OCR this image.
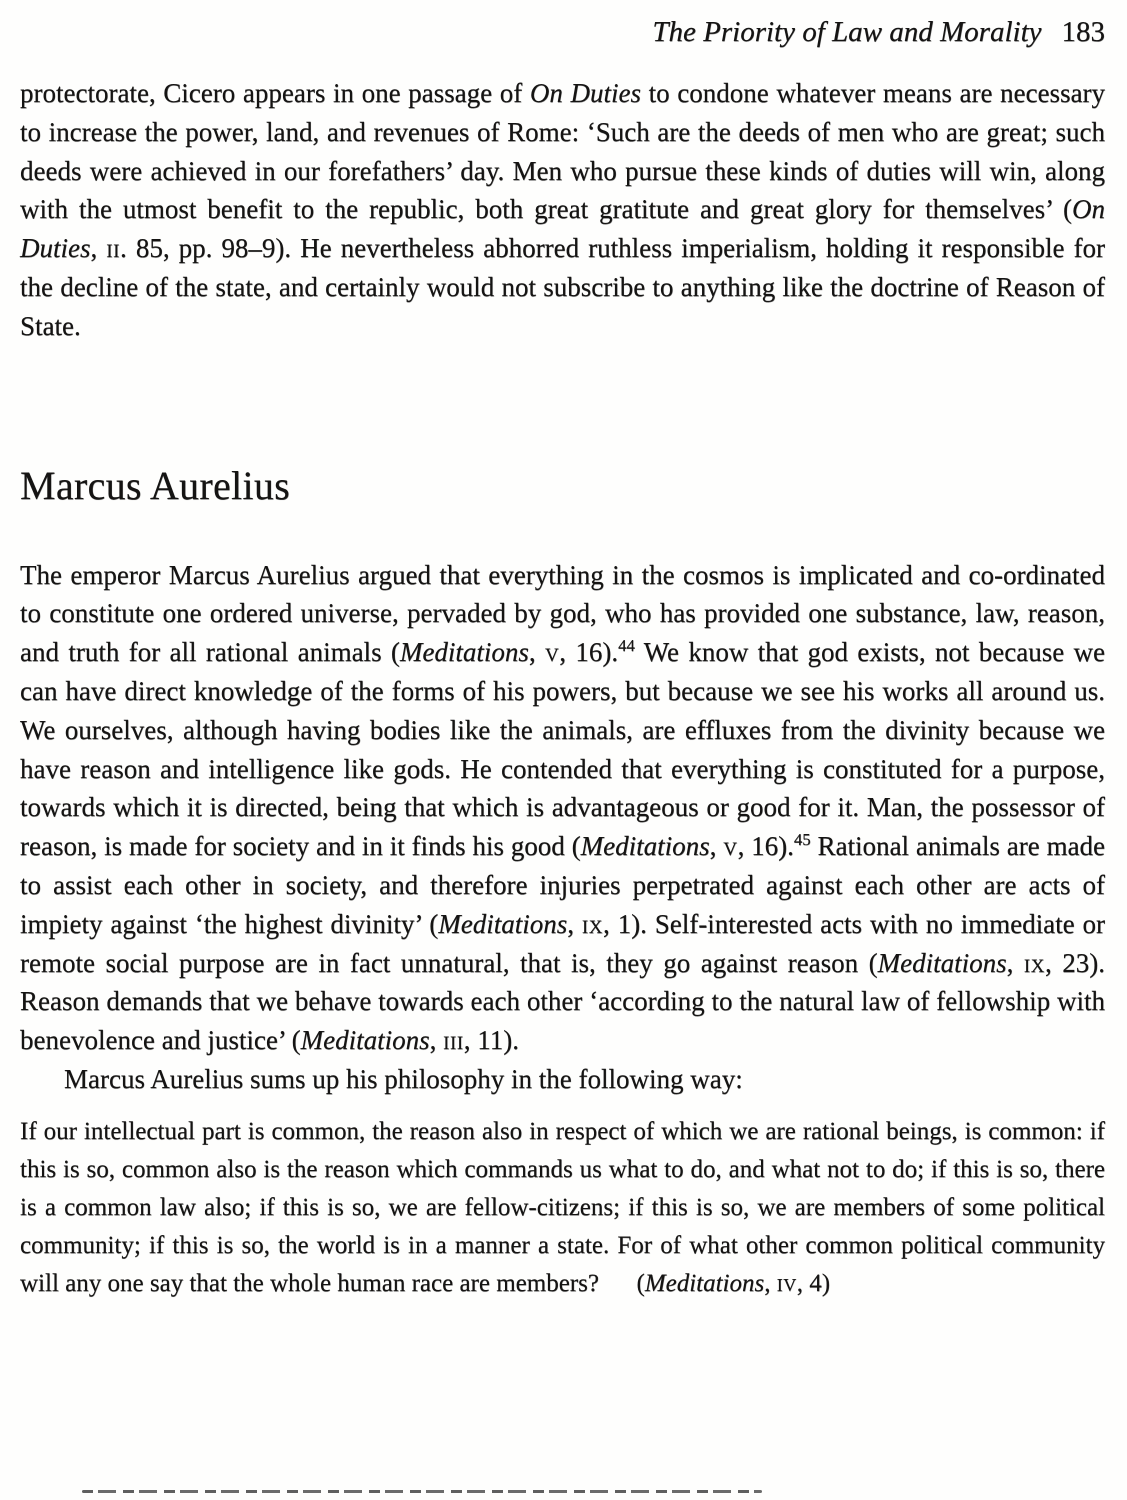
The Priority of Law and Morality 183

protectorate, Cicero appears in one passage of On Duties to condone whatever means are necessary to increase the power, land, and revenues of Rome: ‘Such are the deeds of men who are great; such deeds were achieved in our forefathers’ day. Men who pursue these kinds of duties will win, along with the utmost benefit to the republic, both great gratitute and great glory for themselves’ (On Duties, ii. 85, pp. 98–9). He nevertheless abhorred ruthless imperialism, holding it responsible for the decline of the state, and certainly would not subscribe to anything like the doctrine of Reason of State.

Marcus Aurelius

The emperor Marcus Aurelius argued that everything in the cosmos is implicated and co-ordinated to constitute one ordered universe, pervaded by god, who has provided one substance, law, reason, and truth for all rational animals (Meditations, v, 16).$^{44}$ We know that god exists, not because we can have direct knowledge of the forms of his powers, but because we see his works all around us. We ourselves, although having bodies like the animals, are effluxes from the divinity because we have reason and intelligence like gods. He contended that everything is constituted for a purpose, towards which it is directed, being that which is advantageous or good for it. Man, the possessor of reason, is made for society and in it finds his good (Meditations, v, 16).$^{45}$ Rational animals are made to assist each other in society, and therefore injuries perpetrated against each other are acts of impiety against ‘the highest divinity’ (Meditations, ix, 1). Self-interested acts with no immediate or remote social purpose are in fact unnatural, that is, they go against reason (Meditations, ix, 23). Reason demands that we behave towards each other ‘according to the natural law of fellowship with benevolence and justice’ (Meditations, iii, 11).

Marcus Aurelius sums up his philosophy in the following way:

If our intellectual part is common, the reason also in respect of which we are rational beings, is common: if this is so, common also is the reason which commands us what to do, and what not to do; if this is so, there is a common law also; if this is so, we are fellow-citizens; if this is so, we are members of some political community; if this is so, the world is in a manner a state. For of what other common political community will any one say that the whole human race are members?   (Meditations, iv, 4)
